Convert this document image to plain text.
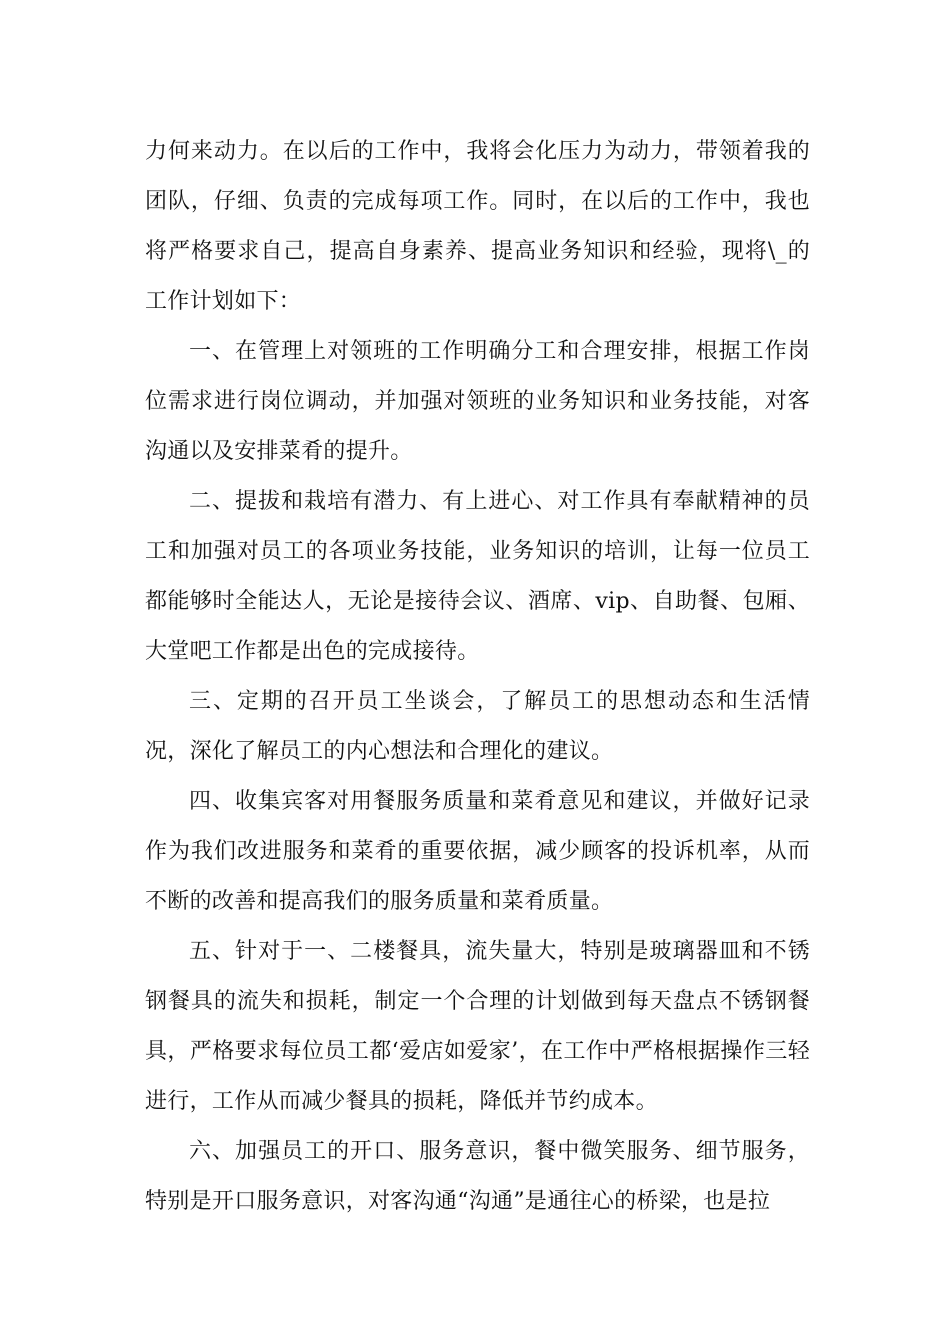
力何来动力。在以后的工作中，我将会化压力为动力，带领着我的团队，仔细、负责的完成每项工作。同时，在以后的工作中，我也将严格要求自己，提高自身素养、提高业务知识和经验，现将\_的工作计划如下：

一、在管理上对领班的工作明确分工和合理安排，根据工作岗位需求进行岗位调动，并加强对领班的业务知识和业务技能，对客沟通以及安排菜肴的提升。

二、提拔和栽培有潜力、有上进心、对工作具有奉献精神的员工和加强对员工的各项业务技能，业务知识的培训，让每一位员工都能够时全能达人，无论是接待会议、酒席、vip、自助餐、包厢、大堂吧工作都是出色的完成接待。

三、定期的召开员工坐谈会，了解员工的思想动态和生活情况，深化了解员工的内心想法和合理化的建议。

四、收集宾客对用餐服务质量和菜肴意见和建议，并做好记录作为我们改进服务和菜肴的重要依据，减少顾客的投诉机率，从而不断的改善和提高我们的服务质量和菜肴质量。

五、针对于一、二楼餐具，流失量大，特别是玻璃器皿和不锈钢餐具的流失和损耗，制定一个合理的计划做到每天盘点不锈钢餐具，严格要求每位员工都‘爱店如爱家’，在工作中严格根据操作三轻进行，工作从而减少餐具的损耗，降低并节约成本。

六、加强员工的开口、服务意识，餐中微笑服务、细节服务，特别是开口服务意识，对客沟通“沟通”是通往心的桥梁，也是拉
